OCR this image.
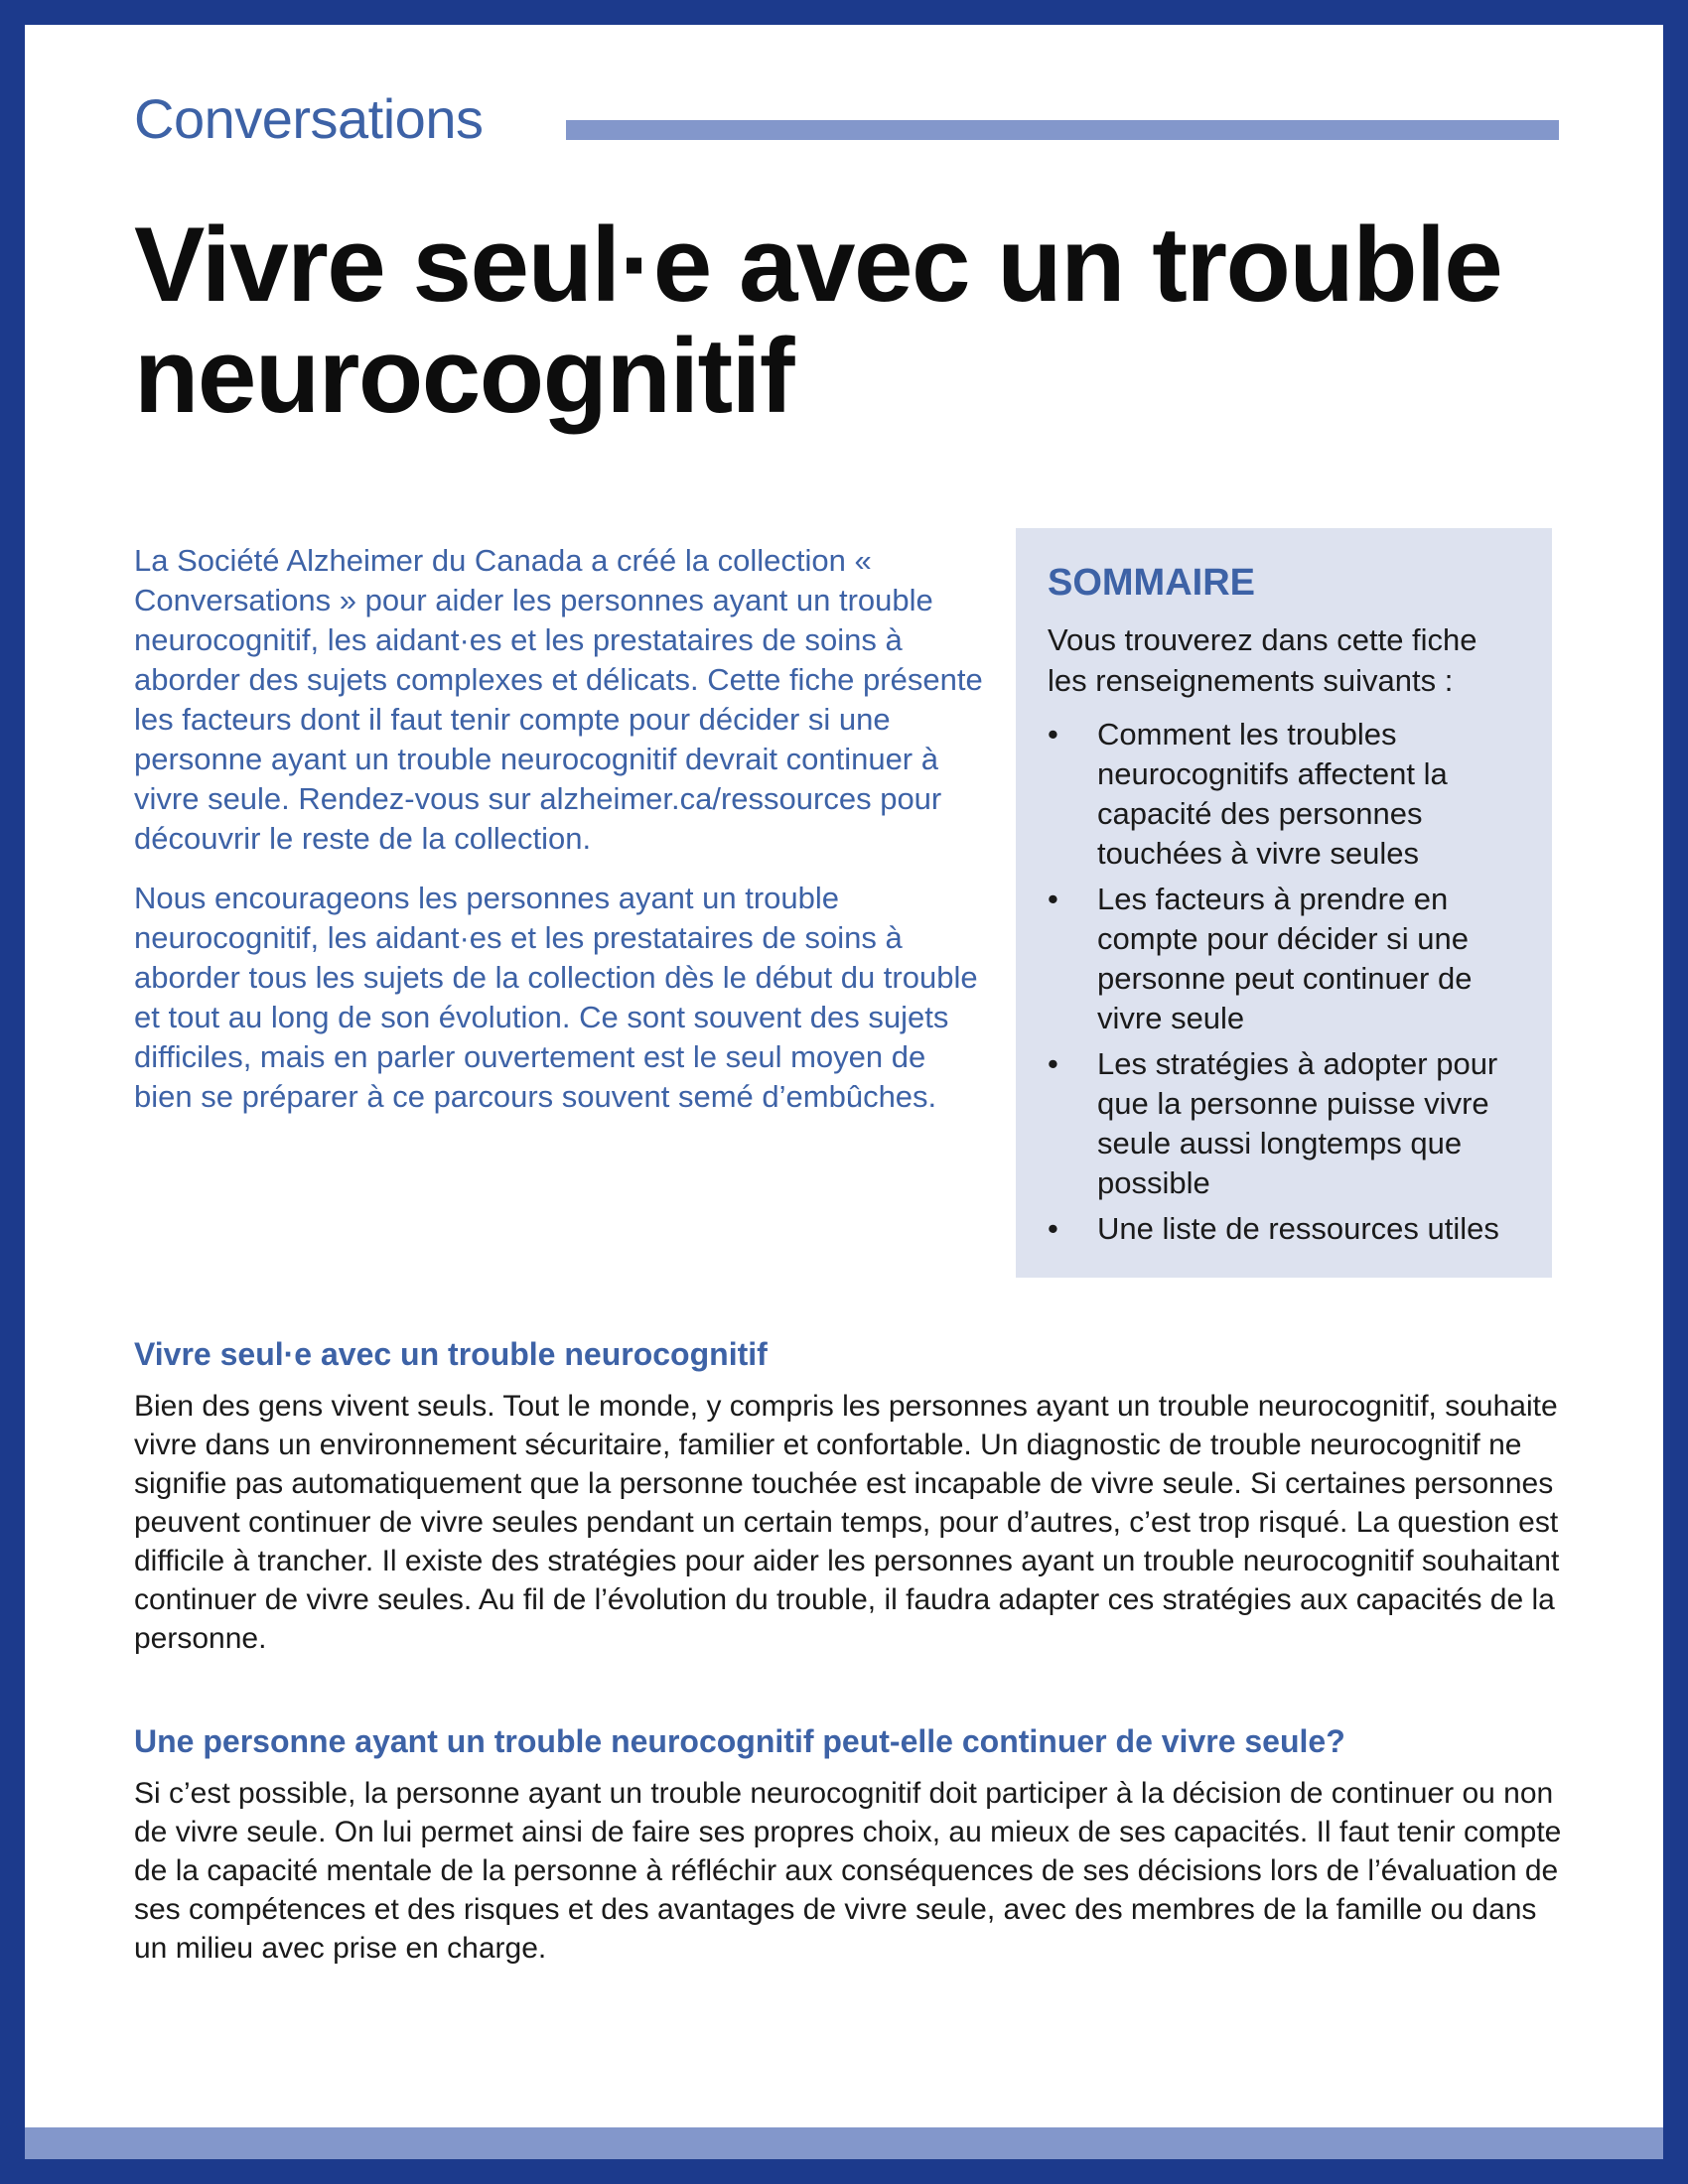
Conversations
Vivre seul·e avec un trouble neurocognitif

La Société Alzheimer du Canada a créé la collection « Conversations » pour aider les personnes ayant un trouble neurocognitif, les aidant·es et les prestataires de soins à aborder des sujets complexes et délicats. Cette fiche présente les facteurs dont il faut tenir compte pour décider si une personne ayant un trouble neurocognitif devrait continuer à vivre seule. Rendez-vous sur alzheimer.ca/ressources pour découvrir le reste de la collection.

Nous encourageons les personnes ayant un trouble neurocognitif, les aidant·es et les prestataires de soins à aborder tous les sujets de la collection dès le début du trouble et tout au long de son évolution. Ce sont souvent des sujets difficiles, mais en parler ouvertement est le seul moyen de bien se préparer à ce parcours souvent semé d’embûches.

SOMMAIRE

Vous trouverez dans cette fiche les renseignements suivants :

• Comment les troubles neurocognitifs affectent la capacité des personnes touchées à vivre seules
• Les facteurs à prendre en compte pour décider si une personne peut continuer de vivre seule
• Les stratégies à adopter pour que la personne puisse vivre seule aussi longtemps que possible
• Une liste de ressources utiles
Vivre seul·e avec un trouble neurocognitif

Bien des gens vivent seuls. Tout le monde, y compris les personnes ayant un trouble neurocognitif, souhaite vivre dans un environnement sécuritaire, familier et confortable. Un diagnostic de trouble neurocognitif ne signifie pas automatiquement que la personne touchée est incapable de vivre seule. Si certaines personnes peuvent continuer de vivre seules pendant un certain temps, pour d’autres, c’est trop risqué. La question est difficile à trancher. Il existe des stratégies pour aider les personnes ayant un trouble neurocognitif souhaitant continuer de vivre seules. Au fil de l’évolution du trouble, il faudra adapter ces stratégies aux capacités de la personne.

Une personne ayant un trouble neurocognitif peut-elle continuer de vivre seule?

Si c’est possible, la personne ayant un trouble neurocognitif doit participer à la décision de continuer ou non de vivre seule. On lui permet ainsi de faire ses propres choix, au mieux de ses capacités. Il faut tenir compte de la capacité mentale de la personne à réfléchir aux conséquences de ses décisions lors de l’évaluation de ses compétences et des risques et des avantages de vivre seule, avec des membres de la famille ou dans un milieu avec prise en charge.
